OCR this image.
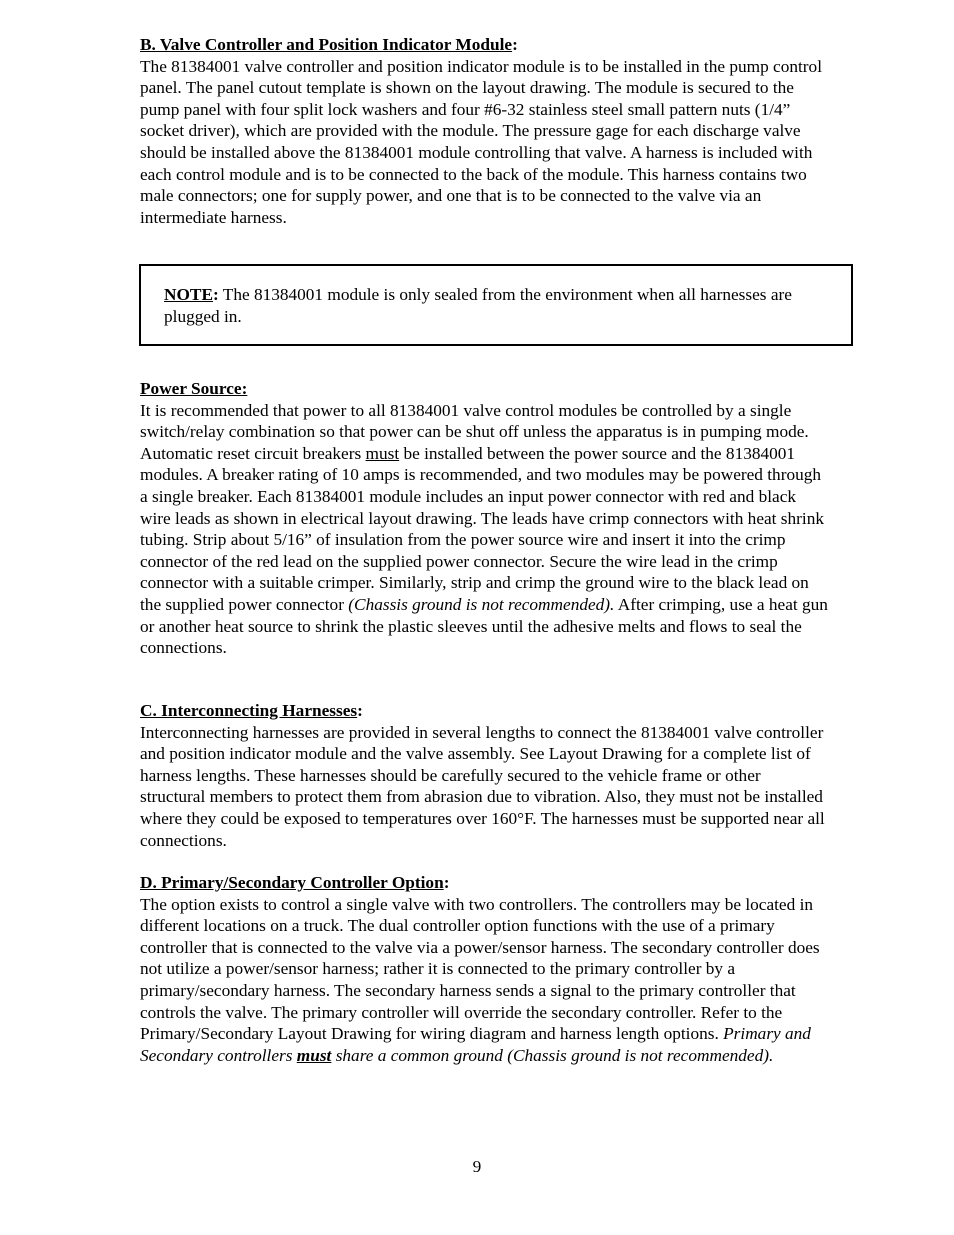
B. Valve Controller and Position Indicator Module:

The 81384001 valve controller and position indicator module is to be installed in the pump control panel. The panel cutout template is shown on the layout drawing. The module is secured to the pump panel with four split lock washers and four #6-32 stainless steel small pattern nuts (1/4” socket driver), which are provided with the module. The pressure gage for each discharge valve should be installed above the 81384001 module controlling that valve. A harness is included with each control module and is to be connected to the back of the module. This harness contains two male connectors; one for supply power, and one that is to be connected to the valve via an intermediate harness.

NOTE: The 81384001 module is only sealed from the environment when all harnesses are plugged in.
Power Source:

It is recommended that power to all 81384001 valve control modules be controlled by a single switch/relay combination so that power can be shut off unless the apparatus is in pumping mode. Automatic reset circuit breakers must be installed between the power source and the 81384001 modules. A breaker rating of 10 amps is recommended, and two modules may be powered through a single breaker. Each 81384001 module includes an input power connector with red and black wire leads as shown in electrical layout drawing. The leads have crimp connectors with heat shrink tubing. Strip about 5/16” of insulation from the power source wire and insert it into the crimp connector of the red lead on the supplied power connector. Secure the wire lead in the crimp connector with a suitable crimper. Similarly, strip and crimp the ground wire to the black lead on the supplied power connector (Chassis ground is not recommended). After crimping, use a heat gun or another heat source to shrink the plastic sleeves until the adhesive melts and flows to seal the connections.

C. Interconnecting Harnesses:

Interconnecting harnesses are provided in several lengths to connect the 81384001 valve controller and position indicator module and the valve assembly. See Layout Drawing for a complete list of harness lengths. These harnesses should be carefully secured to the vehicle frame or other structural members to protect them from abrasion due to vibration. Also, they must not be installed where they could be exposed to temperatures over 160°F. The harnesses must be supported near all connections.

D. Primary/Secondary Controller Option:

The option exists to control a single valve with two controllers. The controllers may be located in different locations on a truck. The dual controller option functions with the use of a primary controller that is connected to the valve via a power/sensor harness. The secondary controller does not utilize a power/sensor harness; rather it is connected to the primary controller by a primary/secondary harness. The secondary harness sends a signal to the primary controller that controls the valve. The primary controller will override the secondary controller. Refer to the Primary/Secondary Layout Drawing for wiring diagram and harness length options. Primary and Secondary controllers must share a common ground (Chassis ground is not recommended).

9
